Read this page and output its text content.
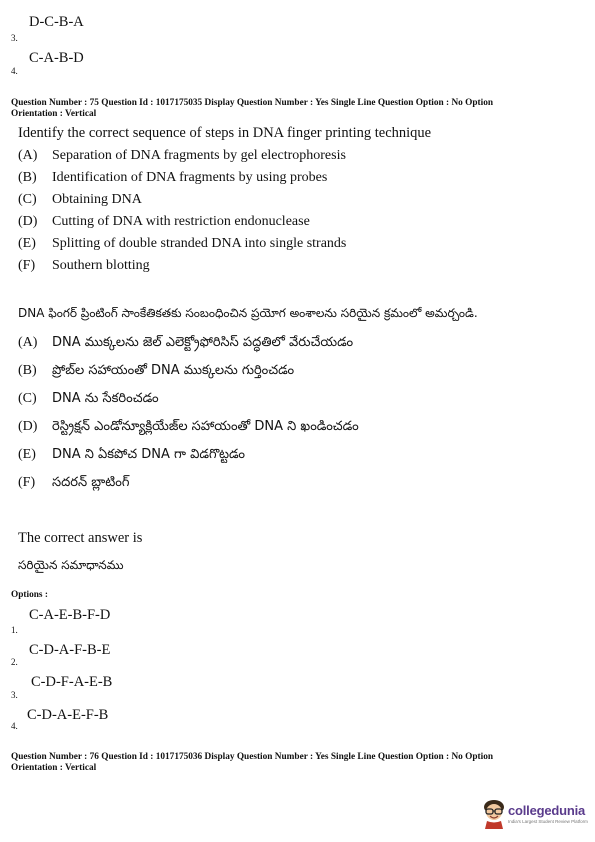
D-C-B-A
3.
C-A-B-D
4.
Question Number : 75 Question Id : 1017175035 Display Question Number : Yes Single Line Question Option : No Option
Orientation : Vertical
Identify the correct sequence of steps in DNA finger printing technique
(A) Separation of DNA fragments by gel electrophoresis
(B) Identification of DNA fragments by using probes
(C) Obtaining DNA
(D) Cutting of DNA with restriction endonuclease
(E) Splitting of double stranded DNA into single strands
(F) Southern blotting
DNA ఫింగర్ ప్రింటింగ్ సాంకేతికతకు సంబంధించిన ప్రయోగ అంశాలను సరియైన క్రమంలో అమర్చండి.
(A) DNA ముక్కలను జెల్ ఎలెక్ట్రోఫోరిసిస్ పద్ధతిలో వేరుచేయడం
(B) ప్రోబ్‌ల సహాయంతో DNA ముక్కలను గుర్తించడం
(C) DNA ను సేకరించడం
(D) రెస్ట్రిక్షన్ ఎండోన్యూక్లియేజ్‌ల సహాయంతో DNA ని ఖండించడం
(E) DNA ని ఏకపోచ DNA గా విడగొట్టడం
(F) సదరన్ బ్లాటింగ్
The correct answer is
సరియైన సమాధానము
Options :
C-A-E-B-F-D
1.
C-D-A-F-B-E
2.
C-D-F-A-E-B
3.
C-D-A-E-F-B
4.
Question Number : 76 Question Id : 1017175036 Display Question Number : Yes Single Line Question Option : No Option
Orientation : Vertical
collegedunia
India's Largest Student Review Platform
